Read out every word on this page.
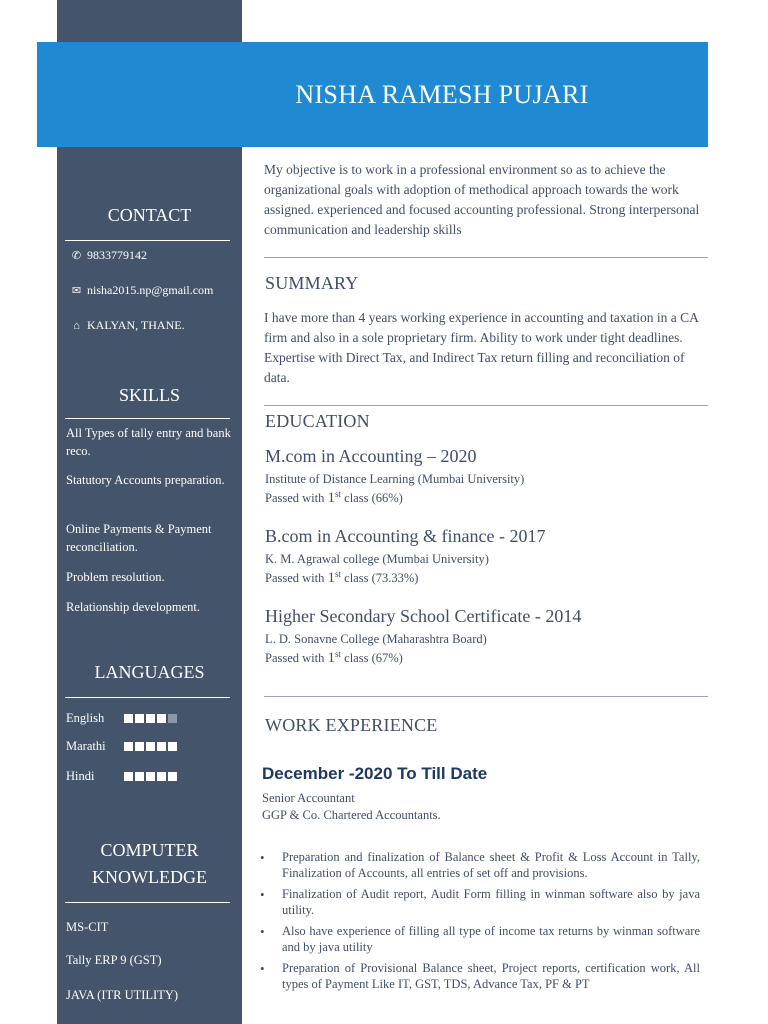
NISHA RAMESH PUJARI
CONTACT
✆ 9833779142
✉ nisha2015.np@gmail.com
⌂ KALYAN, THANE.
SKILLS
All Types of tally entry and bank reco.
Statutory Accounts preparation.
Online Payments & Payment reconciliation.
Problem resolution.
Relationship development.
LANGUAGES
English
Marathi
Hindi
COMPUTER
KNOWLEDGE
MS-CIT
Tally ERP 9 (GST)
JAVA (ITR UTILITY)
My objective is to work in a professional environment so as to achieve the organizational goals with adoption of methodical approach towards the work assigned. experienced and focused accounting professional. Strong interpersonal communication and leadership skills
SUMMARY
I have more than 4 years working experience in accounting and taxation in a CA firm and also in a sole proprietary firm. Ability to work under tight deadlines. Expertise with Direct Tax, and Indirect Tax return filling and reconciliation of data.
EDUCATION
M.com in Accounting – 2020
Institute of Distance Learning (Mumbai University)
Passed with 1st class (66%)
B.com in Accounting & finance - 2017
K. M. Agrawal college (Mumbai University)
Passed with 1st class (73.33%)
Higher Secondary School Certificate - 2014
L. D. Sonavne College (Maharashtra Board)
Passed with 1st class (67%)
WORK EXPERIENCE
December -2020 To Till Date
Senior Accountant
GGP & Co. Chartered Accountants.
• Preparation and finalization of Balance sheet & Profit & Loss Account in Tally, Finalization of Accounts, all entries of set off and provisions.
• Finalization of Audit report, Audit Form filling in winman software also by java utility.
• Also have experience of filling all type of income tax returns by winman software and by java utility
• Preparation of Provisional Balance sheet, Project reports, certification work, All types of Payment Like IT, GST, TDS, Advance Tax, PF & PT
